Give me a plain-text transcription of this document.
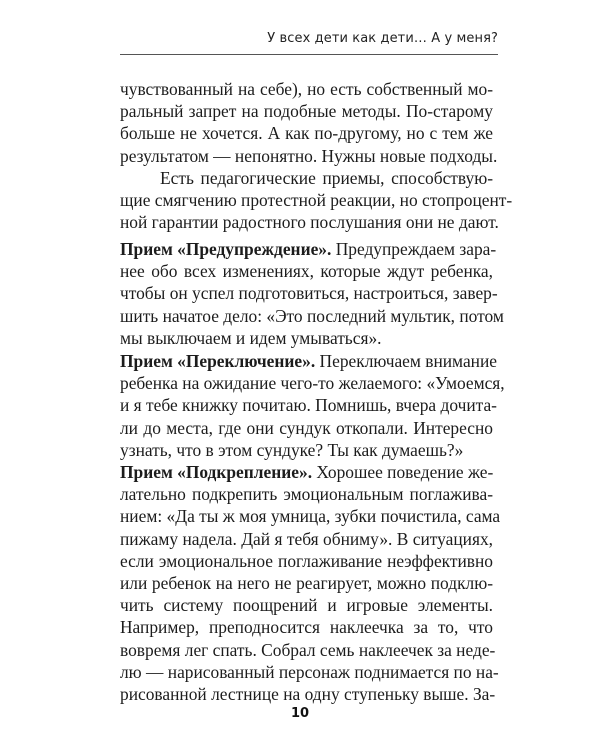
У всех дети как дети… А у меня?
чувствованный на себе), но есть собственный мо-
ральный запрет на подобные методы. По-старому
больше не хочется. А как по-другому, но с тем же
результатом — непонятно. Нужны новые подходы.
Есть педагогические приемы, способствую-
щие смягчению протестной реакции, но стопроцент-
ной гарантии радостного послушания они не дают.
Прием «Предупреждение». Предупреждаем зара-
нее обо всех изменениях, которые ждут ребенка,
чтобы он успел подготовиться, настроиться, завер-
шить начатое дело: «Это последний мультик, потом
мы выключаем и идем умываться».
Прием «Переключение». Переключаем внимание
ребенка на ожидание чего-то желаемого: «Умоемся,
и я тебе книжку почитаю. Помнишь, вчера дочита-
ли до места, где они сундук откопали. Интересно
узнать, что в этом сундуке? Ты как думаешь?»
Прием «Подкрепление». Хорошее поведение же-
лательно подкрепить эмоциональным поглажива-
нием: «Да ты ж моя умница, зубки почистила, сама
пижаму надела. Дай я тебя обниму». В ситуациях,
если эмоциональное поглаживание неэффективно
или ребенок на него не реагирует, можно подклю-
чить систему поощрений и игровые элементы.
Например, преподносится наклеечка за то, что
вовремя лег спать. Собрал семь наклеечек за неде-
лю — нарисованный персонаж поднимается по на-
рисованной лестнице на одну ступеньку выше. За-
10
